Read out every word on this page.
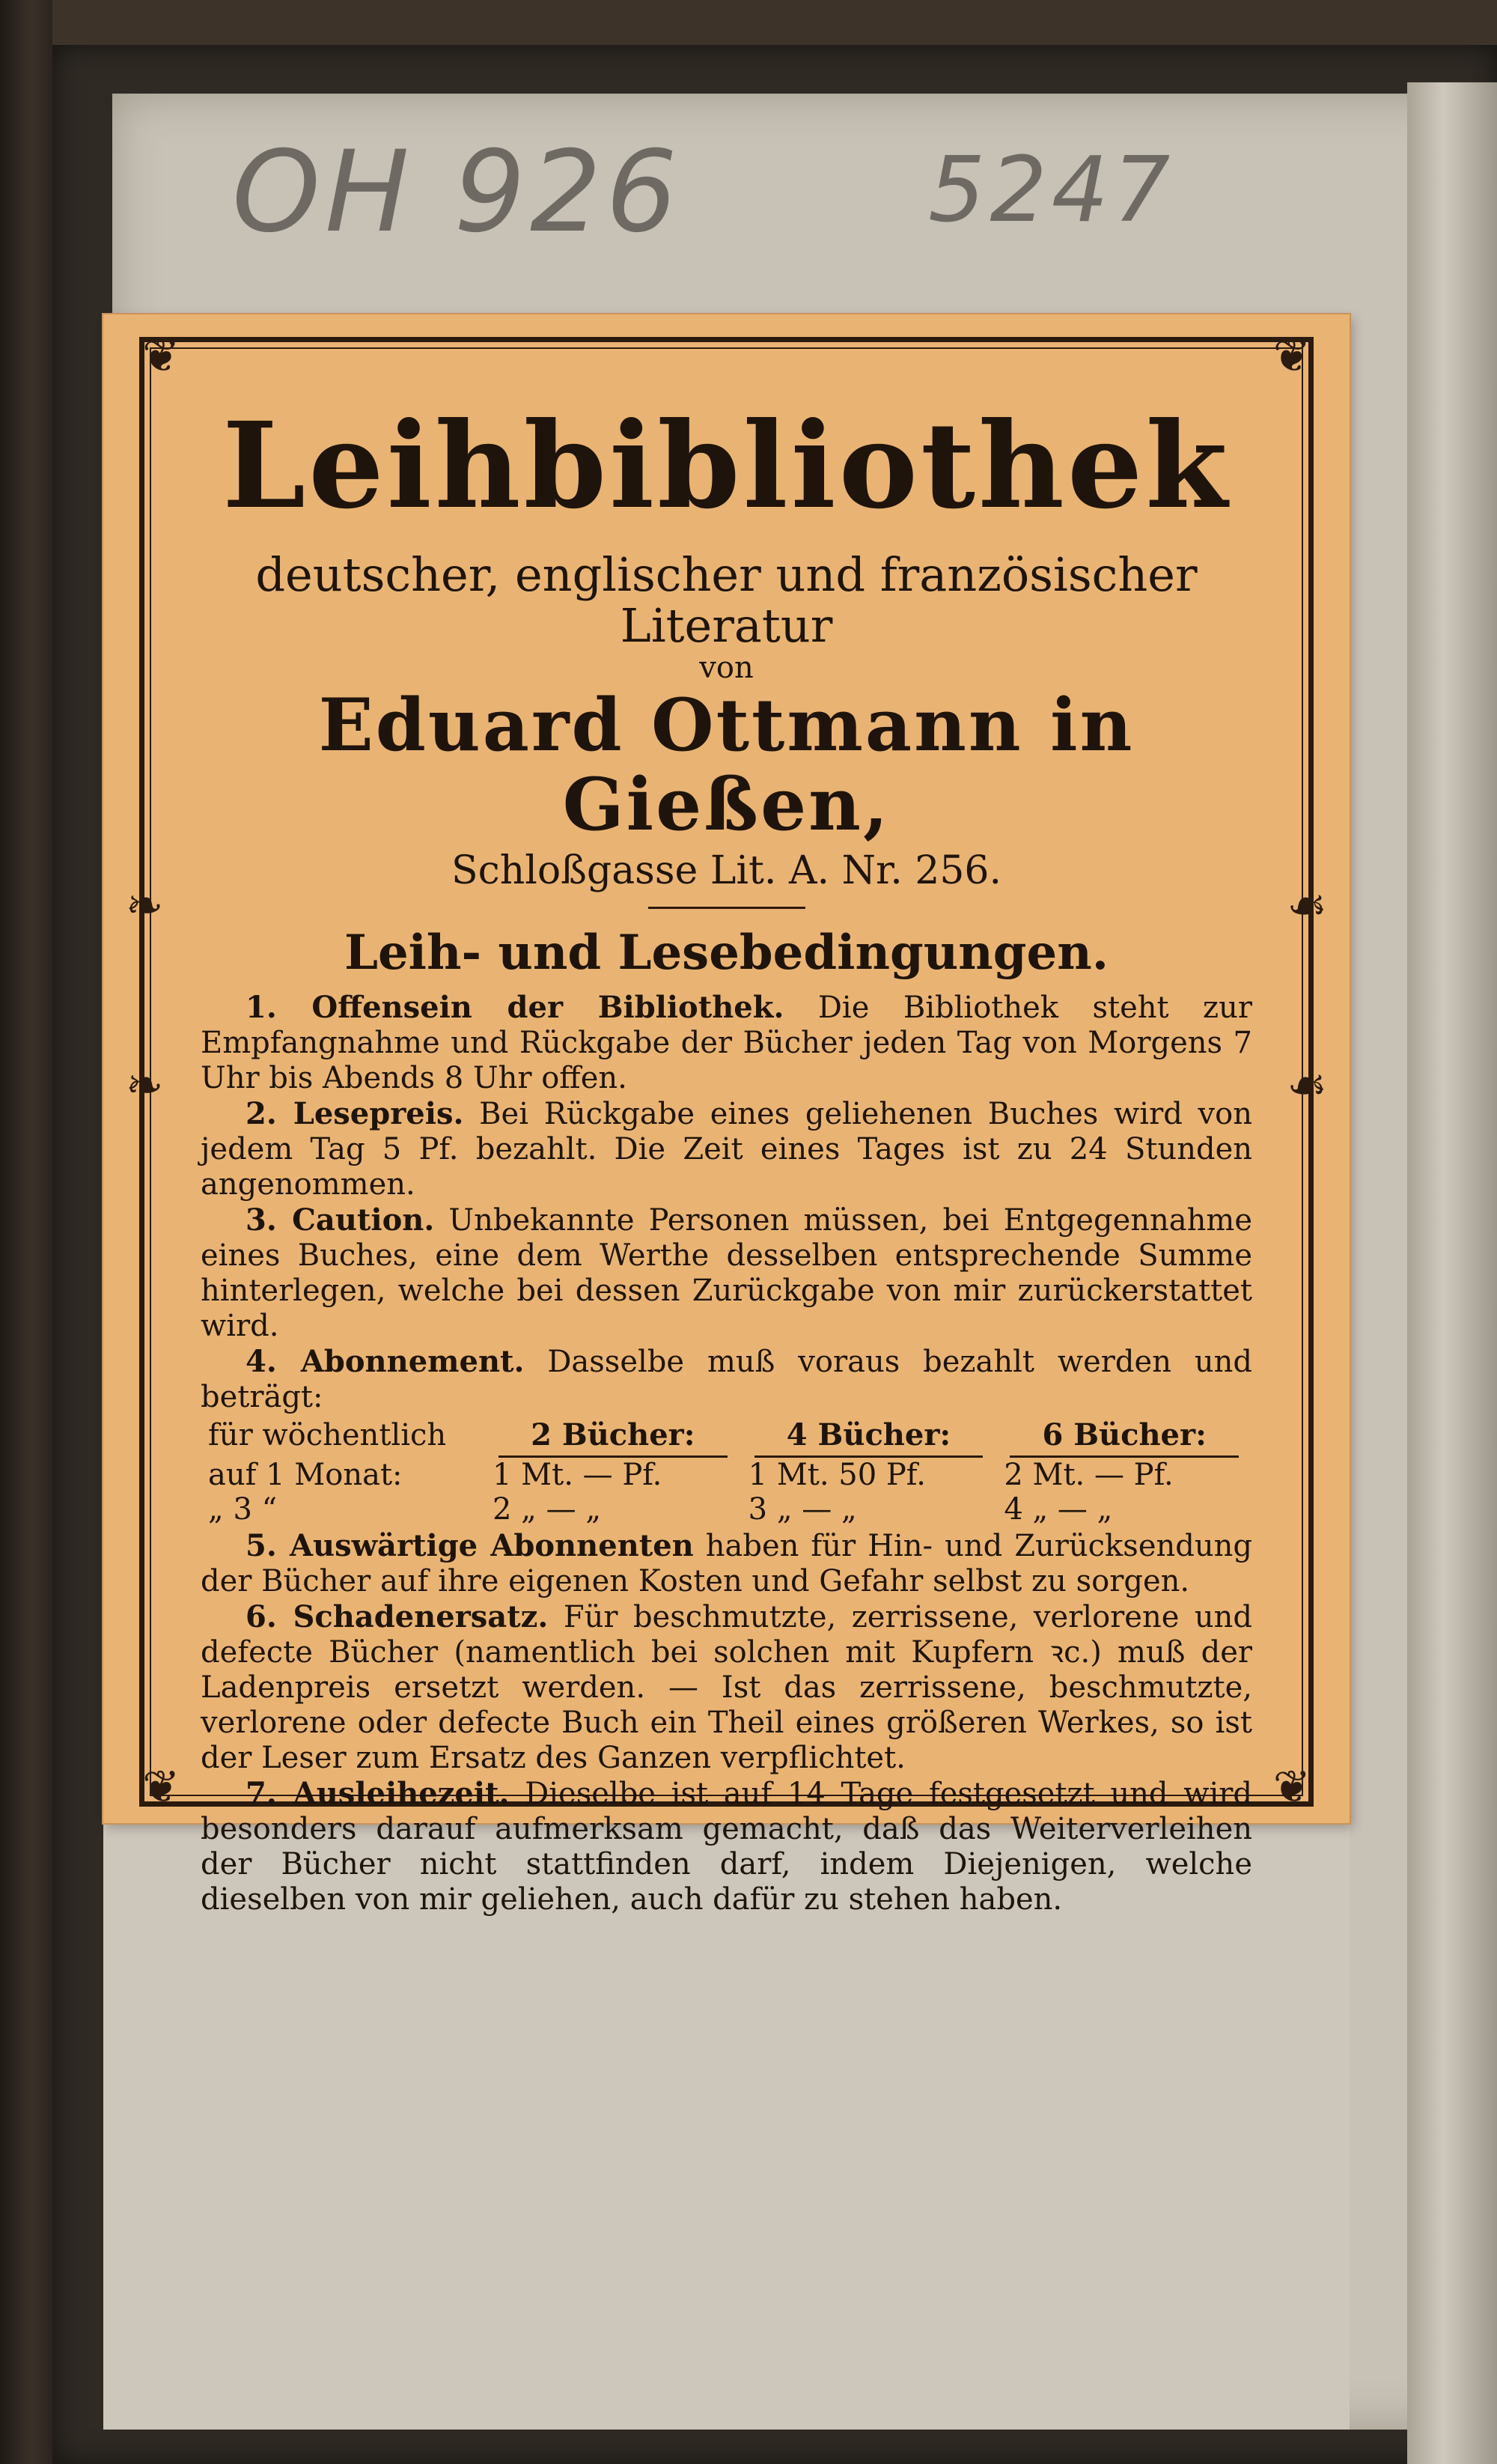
OH 926	5247
❦	❦
❦	❦
❧	☙
❧	☙
Leihbibliothek
deutscher, englischer und französischer Literatur
von
Eduard Ottmann in Gießen,
Schloßgasse Lit. A. Nr. 256.
Leih- und Lesebedingungen.

1. Offensein der Bibliothek. Die Bibliothek steht zur Empfangnahme und Rückgabe der Bücher jeden Tag von Morgens 7 Uhr bis Abends 8 Uhr offen.

2. Lesepreis. Bei Rückgabe eines geliehenen Buches wird von jedem Tag 5 Pf. bezahlt. Die Zeit eines Tages ist zu 24 Stunden angenommen.

3. Caution. Unbekannte Personen müssen, bei Entgegennahme eines Buches, eine dem Werthe desselben entsprechende Summe hinterlegen, welche bei dessen Zurückgabe von mir zurückerstattet wird.

4. Abonnement. Dasselbe muß voraus bezahlt werden und beträgt:

für wöchentlich	2 Bücher:	4 Bücher:	6 Bücher:
auf 1 Monat:	1 Mt. — Pf.	1 Mt. 50 Pf.	2 Mt. — Pf.
„ 3 “	2 „ — „	3 „ — „	4 „ — „

5. Auswärtige Abonnenten haben für Hin- und Zurücksendung der Bücher auf ihre eigenen Kosten und Gefahr selbst zu sorgen.

6. Schadenersatz. Für beschmutzte, zerrissene, verlorene und defecte Bücher (namentlich bei solchen mit Kupfern ꝛc.) muß der Ladenpreis ersetzt werden. — Ist das zerrissene, beschmutzte, verlorene oder defecte Buch ein Theil eines größeren Werkes, so ist der Leser zum Ersatz des Ganzen verpflichtet.

7. Ausleihezeit. Dieselbe ist auf 14 Tage festgesetzt und wird besonders darauf aufmerksam gemacht, daß das Weiterverleihen der Bücher nicht stattfinden darf, indem Diejenigen, welche dieselben von mir geliehen, auch dafür zu stehen haben.
